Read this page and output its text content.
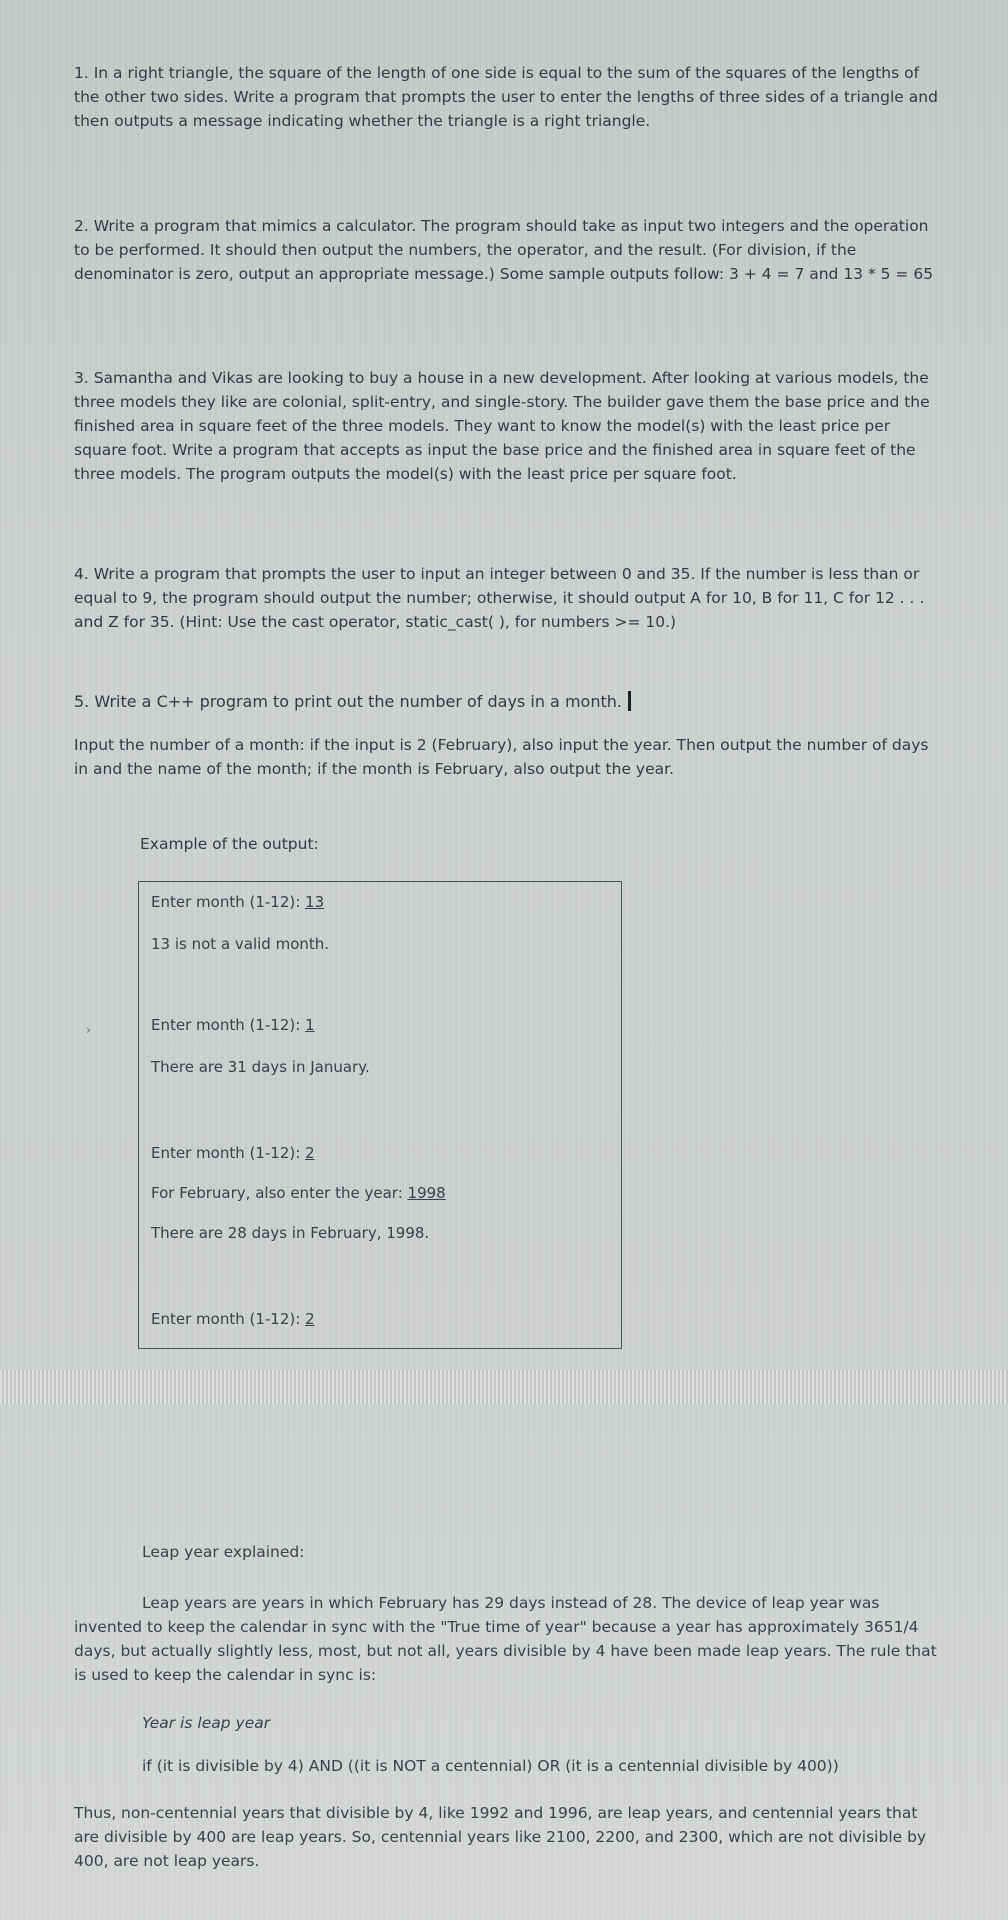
1. In a right triangle, the square of the length of one side is equal to the sum of the squares of the lengths of the other two sides. Write a program that prompts the user to enter the lengths of three sides of a triangle and then outputs a message indicating whether the triangle is a right triangle.
2. Write a program that mimics a calculator. The program should take as input two integers and the operation to be performed. It should then output the numbers, the operator, and the result. (For division, if the denominator is zero, output an appropriate message.) Some sample outputs follow: 3 + 4 = 7 and 13 * 5 = 65
3. Samantha and Vikas are looking to buy a house in a new development. After looking at various models, the three models they like are colonial, split-entry, and single-story. The builder gave them the base price and the finished area in square feet of the three models. They want to know the model(s) with the least price per square foot. Write a program that accepts as input the base price and the finished area in square feet of the three models. The program outputs the model(s) with the least price per square foot.
4. Write a program that prompts the user to input an integer between 0 and 35. If the number is less than or equal to 9, the program should output the number; otherwise, it should output A for 10, B for 11, C for 12 . . . and Z for 35. (Hint: Use the cast operator, static_cast( ), for numbers >= 10.)
5. Write a C++ program to print out the number of days in a month.
Input the number of a month: if the input is 2 (February), also input the year. Then output the number of days in and the name of the month; if the month is February, also output the year.
Example of the output:
Enter month (1-12): 13
13 is not a valid month.
Enter month (1-12): 1
There are 31 days in January.
Enter month (1-12): 2
For February, also enter the year: 1998
There are 28 days in February, 1998.
Enter month (1-12): 2
›
Leap year explained:
Leap years are years in which February has 29 days instead of 28. The device of leap year was invented to keep the calendar in sync with the "True time of year" because a year has approximately 3651/4 days, but actually slightly less, most, but not all, years divisible by 4 have been made leap years. The rule that is used to keep the calendar in sync is:
Year is leap year
if (it is divisible by 4) AND ((it is NOT a centennial) OR (it is a centennial divisible by 400))
Thus, non-centennial years that divisible by 4, like 1992 and 1996, are leap years, and centennial years that are divisible by 400 are leap years. So, centennial years like 2100, 2200, and 2300, which are not divisible by 400, are not leap years.
